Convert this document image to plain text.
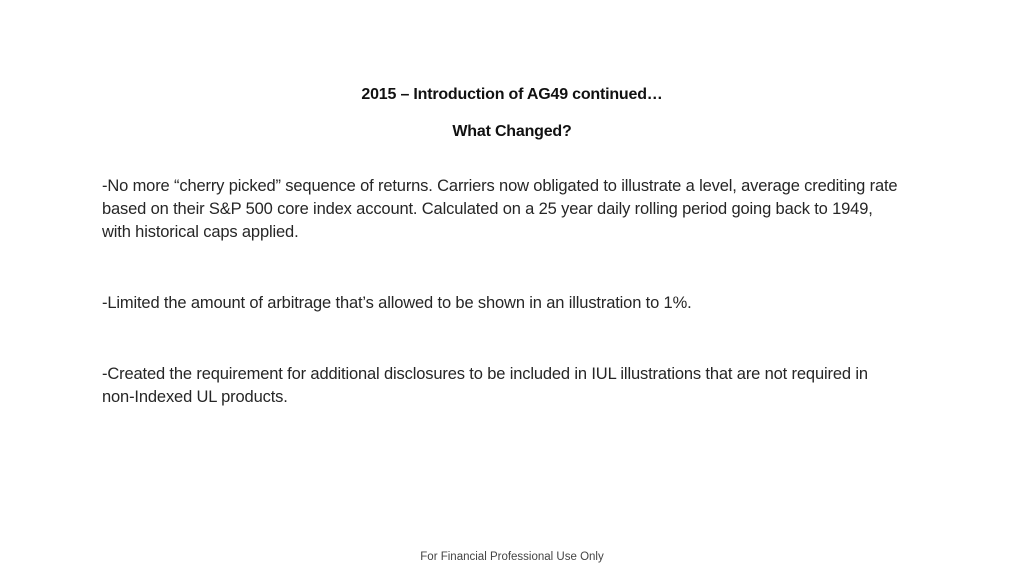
2015 – Introduction of AG49 continued…
What Changed?
-No more “cherry picked” sequence of returns. Carriers now obligated to illustrate a level, average crediting rate based on their S&P 500 core index account. Calculated on a 25 year daily rolling period going back to 1949, with historical caps applied.
-Limited the amount of arbitrage that’s allowed to be shown in an illustration to 1%.
-Created the requirement for additional disclosures to be included in IUL illustrations that are not required in non-Indexed UL products.
For Financial Professional Use Only
